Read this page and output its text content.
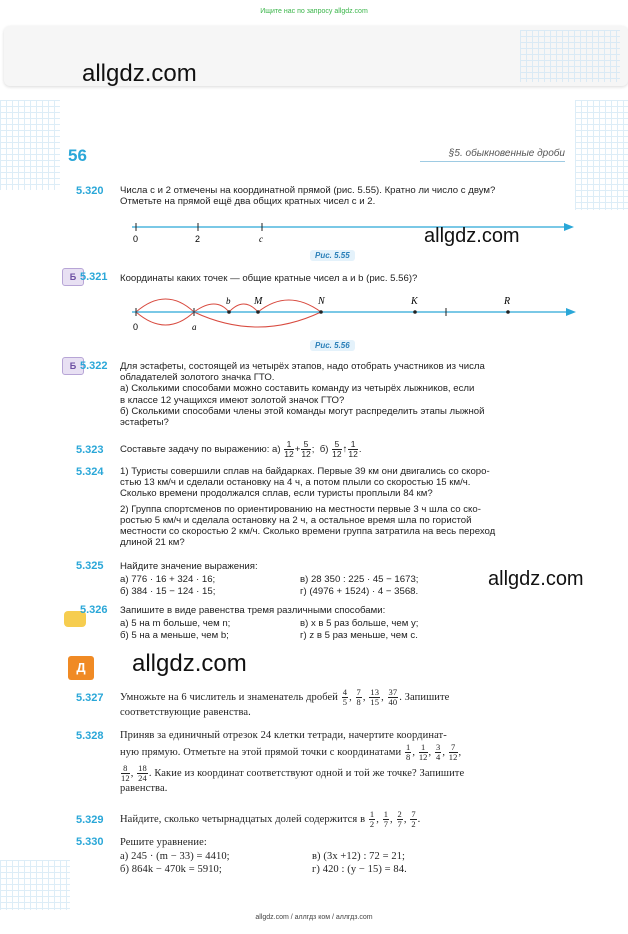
Ищите нас по запросу allgdz.com
allgdz.com
56	§5. обыкновенные дроби
5.320 Числа c и 2 отмечены на координатной прямой (рис. 5.55). Кратно ли число c двум?
Отметьте на прямой ещё два общих кратных чисел c и 2.
0	2	c
Рис. 5.55
allgdz.com
Б 5.321 Координаты каких точек — общие кратные чисел a и b (рис. 5.56)?
0	a
b M	N	K	R
Рис. 5.56
Б 5.322 Для эстафеты, состоящей из четырёх этапов, надо отобрать участников из числа
обладателей золотого значка ГТО.
а) Сколькими способами можно составить команду из четырёх лыжников, если
в классе 12 учащихся имеют золотой значок ГТО?
б) Сколькими способами члены этой команды могут распределить этапы лыжной
эстафеты?
5.323 Составьте задачу по выражению: $а) \frac{1}{12} + \frac{5}{12}$ ;  $б) \frac{5}{12}$ ↑ $\frac{1}{12}$ .
5.324 1) Туристы совершили сплав на байдарках. Первые 39 км они двигались со скоро-
стью 13 км/ч и сделали остановку на 4 ч, а потом плыли со скоростью 15 км/ч.
Сколько времени продолжался сплав, если туристы проплыли 84 км?
2) Группа спортсменов по ориентированию на местности первые 3 ч шла со ско-
ростью 5 км/ч и сделала остановку на 2 ч, а остальное время шла по гористой
местности со скоростью 2 км/ч. Сколько времени группа затратила на весь переход
длиной 21 км?
5.325 Найдите значение выражения:
а) 776 · 16 + 324 · 16;	в) 28 350 : 225 · 45 − 1673;
б) 384 · 15 − 124 · 15;	г) (4976 + 1524) · 4 − 3568.
allgdz.com
5.326 Запишите в виде равенства тремя различными способами:
а) 5 на m больше, чем n;	в) x в 5 раз больше, чем y;
б) 5 на a меньше, чем b;	г) z в 5 раз меньше, чем c.
Д	allgdz.com
5.327 Умножьте на 6 числитель и знаменатель дробей $\frac{4}{5}$ , $\frac{7}{8}$ , $\frac{13}{15}$ , $\frac{37}{40}$ . Запишите
соответствующие равенства.
5.328 Приняв за единичный отрезок 24 клетки тетради, начертите координат-
ную прямую. Отметьте на этой прямой точки с координатами $\frac{1}{8}$ , $\frac{1}{12}$ , $\frac{3}{4}$ , $\frac{7}{12}$ ,
$\frac{8}{12}$ , $\frac{18}{24}$ . Какие из координат соответствуют одной и той же точке? Запишите
равенства.
5.329 Найдите, сколько четырнадцатых долей содержится в $\frac{1}{2}$ , $\frac{1}{7}$ , $\frac{2}{7}$ , $\frac{7}{2}$ .
5.330 Решите уравнение:
а) 245 · (m − 33) = 4410;	в) (3x +12) : 72 = 21;
б) 864k − 470k = 5910;	г) 420 : (y − 15) = 84.
allgdz.com / аллгдз ком / аллгдз.com
